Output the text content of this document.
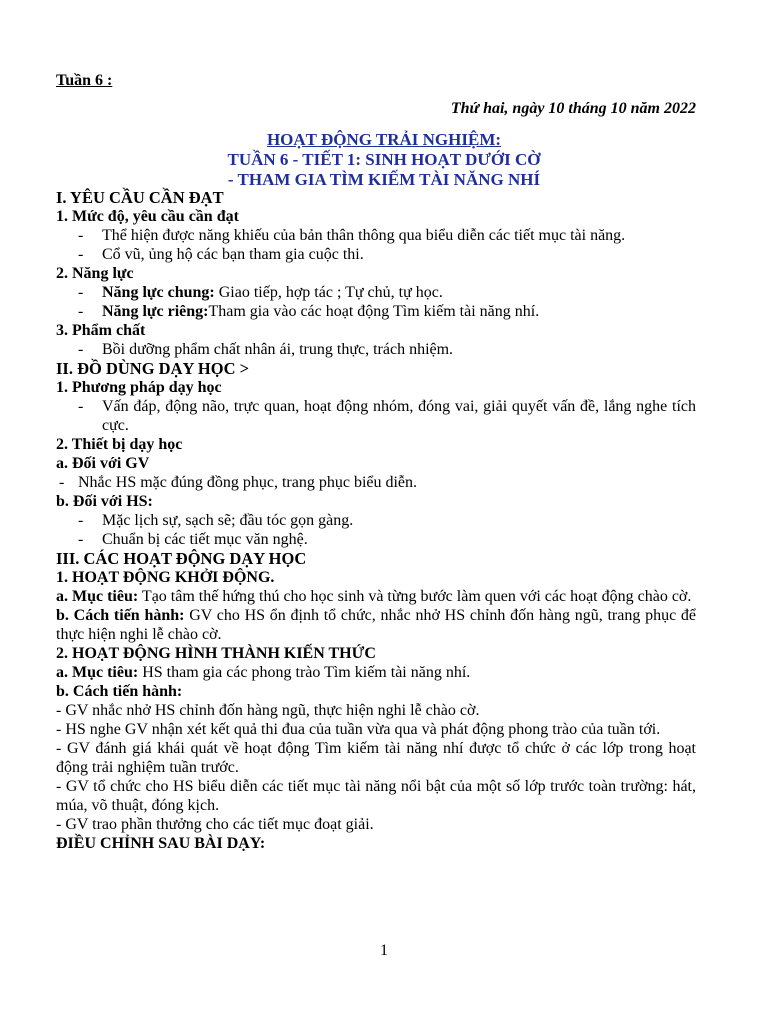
Tuần 6 :
Thứ hai, ngày 10 tháng 10 năm 2022
HOẠT ĐỘNG TRẢI NGHIỆM:
TUẦN 6 - TIẾT 1: SINH HOẠT DƯỚI CỜ
- THAM GIA TÌM KIẾM TÀI NĂNG NHÍ
I. YÊU CẦU CẦN ĐẠT
1. Mức độ, yêu cầu cần đạt
- Thể hiện được năng khiếu của bản thân thông qua biểu diễn các tiết mục tài năng.
- Cổ vũ, ủng hộ các bạn tham gia cuộc thi.
2. Năng lực
- Năng lực chung: Giao tiếp, hợp tác ; Tự chủ, tự học.
- Năng lực riêng:Tham gia vào các hoạt động Tìm kiếm tài năng nhí.
3. Phẩm chất
- Bồi dưỡng phẩm chất nhân ái, trung thực, trách nhiệm.
II. ĐỒ DÙNG DẠY HỌC >
1. Phương pháp dạy học
- Vấn đáp, động não, trực quan, hoạt động nhóm, đóng vai, giải quyết vấn đề, lắng nghe tích cực.
2. Thiết bị dạy học
a. Đối với GV
- Nhắc HS mặc đúng đồng phục, trang phục biểu diễn.
b. Đối với HS:
- Mặc lịch sự, sạch sẽ; đầu tóc gọn gàng.
- Chuẩn bị các tiết mục văn nghệ.
III. CÁC HOẠT ĐỘNG DẠY HỌC
1. HOẠT ĐỘNG KHỞI ĐỘNG.
a. Mục tiêu: Tạo tâm thế hứng thú cho học sinh và từng bước làm quen với các hoạt động chào cờ.
b. Cách tiến hành: GV cho HS ổn định tổ chức, nhắc nhở HS chỉnh đốn hàng ngũ, trang phục để thực hiện nghi lễ chào cờ.
2. HOẠT ĐỘNG HÌNH THÀNH KIẾN THỨC
a. Mục tiêu: HS tham gia các phong trào Tìm kiếm tài năng nhí.
b. Cách tiến hành:
- GV nhắc nhở HS chỉnh đốn hàng ngũ, thực hiện nghi lễ chào cờ.
- HS nghe GV nhận xét kết quả thi đua của tuần vừa qua và phát động phong trào của tuần tới.
- GV đánh giá khái quát về hoạt động Tìm kiếm tài năng nhí được tổ chức ở các lớp trong hoạt động trải nghiệm tuần trước.
- GV tổ chức cho HS biểu diễn các tiết mục tài năng nổi bật của một số lớp trước toàn trường: hát, múa, võ thuật, đóng kịch.
- GV trao phần thưởng cho các tiết mục đoạt giải.
ĐIỀU CHỈNH SAU BÀI DẠY:
1
